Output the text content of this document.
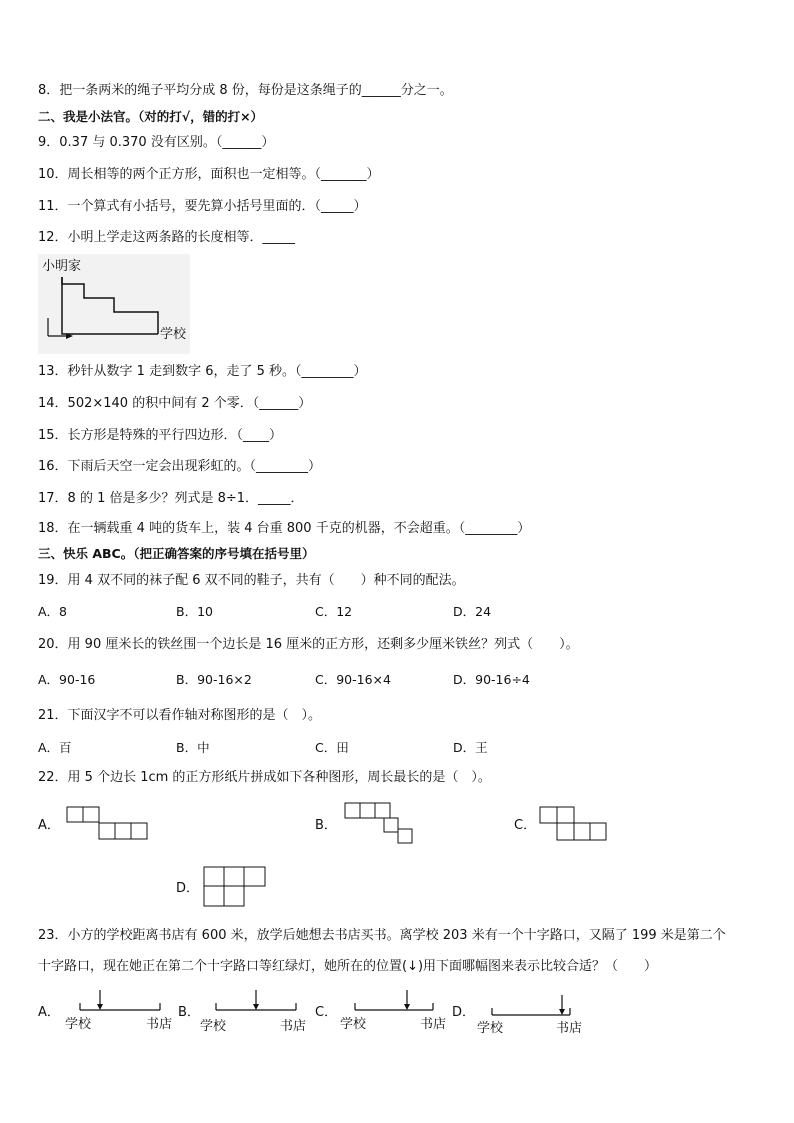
8．把一条两米的绳子平均分成 8 份，每份是这条绳子的______分之一。
二、我是小法官。（对的打√，错的打×）
9．0.37 与 0.370 没有区别。（______）
10．周长相等的两个正方形，面积也一定相等。（_______）
11．一个算式有小括号，要先算小括号里面的．（_____）
12．小明上学走这两条路的长度相等．_____
小明家
学校
13．秒针从数字 1 走到数字 6，走了 5 秒。（________）
14．502×140 的积中间有 2 个零．（______）
15．长方形是特殊的平行四边形．（____）
16．下雨后天空一定会出现彩虹的。（________）
17．8 的 1 倍是多少？列式是 8÷1．_____．
18．在一辆载重 4 吨的货车上，装 4 台重 800 千克的机器，不会超重。（________）
三、快乐 ABC。（把正确答案的序号填在括号里）
19．用 4 双不同的袜子配 6 双不同的鞋子，共有（　　）种不同的配法。
A．8	B．10	C．12	D．24
20．用 90 厘米长的铁丝围一个边长是 16 厘米的正方形，还剩多少厘米铁丝？列式（　　）。
A．90-16	B．90-16×2	C．90-16×4	D．90-16÷4
21．下面汉字不可以看作轴对称图形的是（　）。
A．百	B．中	C．田	D．王
22．用 5 个边长 1cm 的正方形纸片拼成如下各种图形，周长最长的是（　）。
A．	B．	C．
D．
23．小方的学校距离书店有 600 米，放学后她想去书店买书。离学校 203 米有一个十字路口，又隔了 199 米是第二个
十字路口，现在她正在第二个十字路口等红绿灯，她所在的位置(↓)用下面哪幅图来表示比较合适？（　　）
A．	B．	C．	D．
学校	书店 学校	书店	学校	书店 学校	书店
